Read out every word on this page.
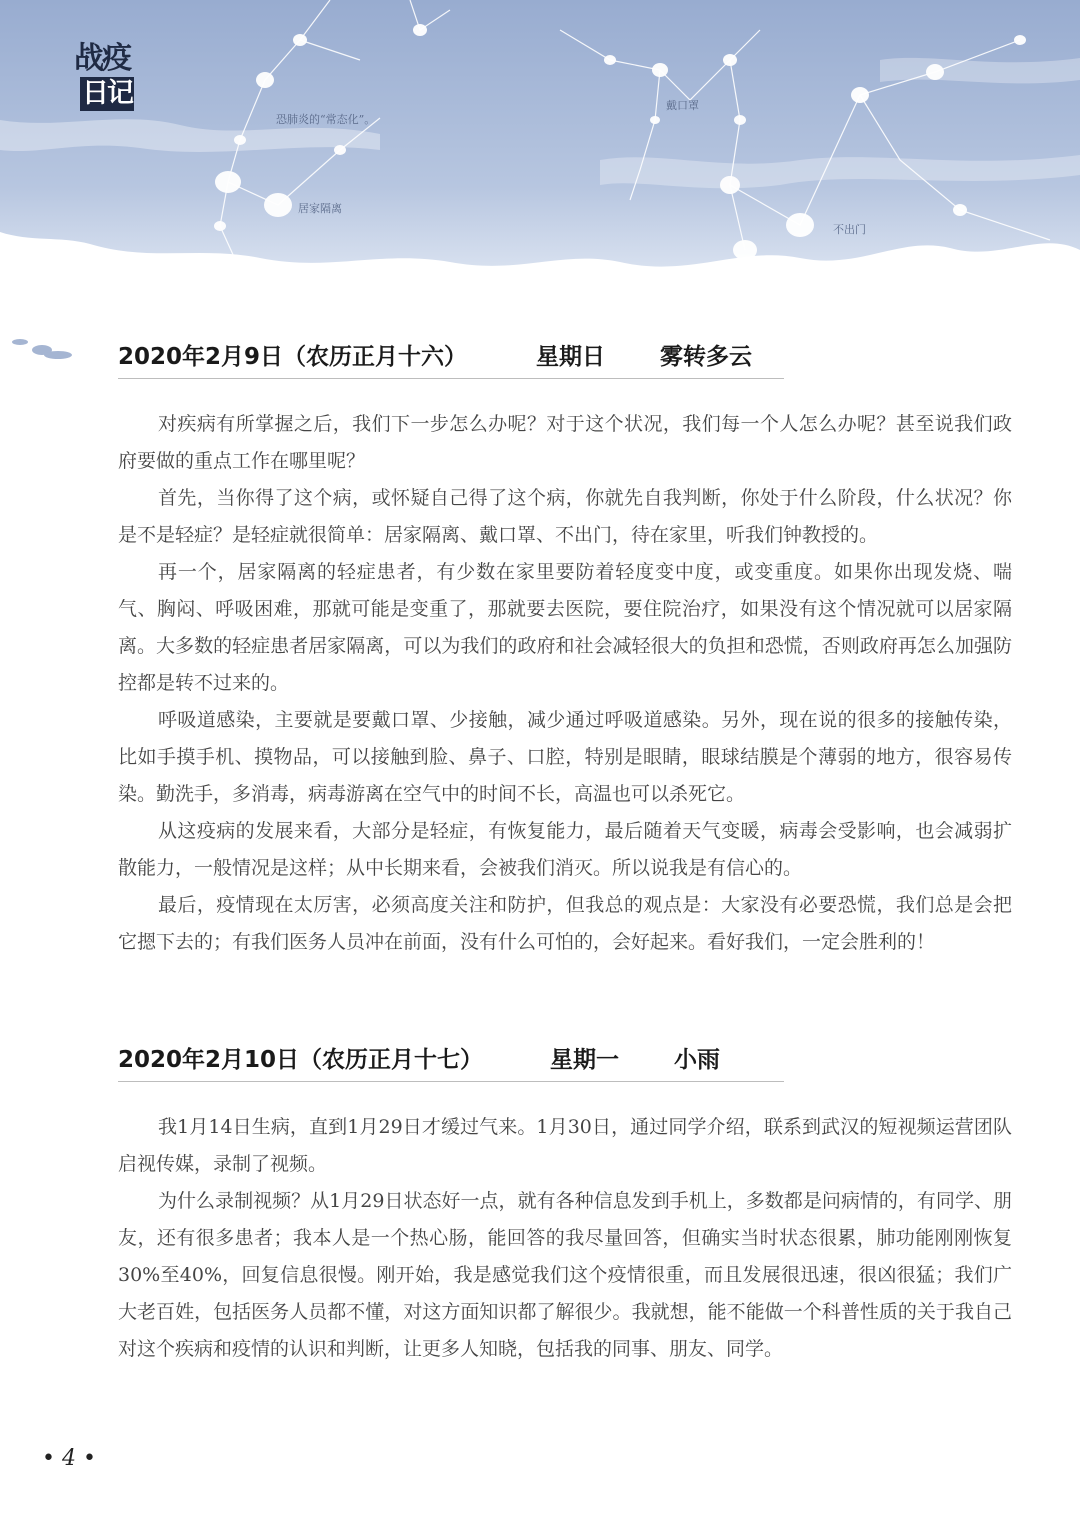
战疫
日记
恐肺炎的“常态化”。
戴口罩
居家隔离
不出门
2020年2月9日（农历正月十六）	星期日 雾转多云

对疾病有所掌握之后，我们下一步怎么办呢？对于这个状况，我们每一个人怎么办呢？甚至说我们政府要做的重点工作在哪里呢？

首先，当你得了这个病，或怀疑自己得了这个病，你就先自我判断，你处于什么阶段，什么状况？你是不是轻症？是轻症就很简单：居家隔离、戴口罩、不出门，待在家里，听我们钟教授的。

再一个，居家隔离的轻症患者，有少数在家里要防着轻度变中度，或变重度。如果你出现发烧、喘气、胸闷、呼吸困难，那就可能是变重了，那就要去医院，要住院治疗，如果没有这个情况就可以居家隔离。大多数的轻症患者居家隔离，可以为我们的政府和社会减轻很大的负担和恐慌，否则政府再怎么加强防控都是转不过来的。

呼吸道感染，主要就是要戴口罩、少接触，减少通过呼吸道感染。另外，现在说的很多的接触传染，比如手摸手机、摸物品，可以接触到脸、鼻子、口腔，特别是眼睛，眼球结膜是个薄弱的地方，很容易传染。勤洗手，多消毒，病毒游离在空气中的时间不长，高温也可以杀死它。

从这疫病的发展来看，大部分是轻症，有恢复能力，最后随着天气变暖，病毒会受影响，也会减弱扩散能力，一般情况是这样；从中长期来看，会被我们消灭。所以说我是有信心的。

最后，疫情现在太厉害，必须高度关注和防护，但我总的观点是：大家没有必要恐慌，我们总是会把它摁下去的；有我们医务人员冲在前面，没有什么可怕的，会好起来。看好我们，一定会胜利的！

2020年2月10日（农历正月十七）	星期一 小雨

我1月14日生病，直到1月29日才缓过气来。1月30日，通过同学介绍，联系到武汉的短视频运营团队启视传媒，录制了视频。

为什么录制视频？从1月29日状态好一点，就有各种信息发到手机上，多数都是问病情的，有同学、朋友，还有很多患者；我本人是一个热心肠，能回答的我尽量回答，但确实当时状态很累，肺功能刚刚恢复30%至40%，回复信息很慢。刚开始，我是感觉我们这个疫情很重，而且发展很迅速，很凶很猛；我们广大老百姓，包括医务人员都不懂，对这方面知识都了解很少。我就想，能不能做一个科普性质的关于我自己对这个疾病和疫情的认识和判断，让更多人知晓，包括我的同事、朋友、同学。

• 4 •
